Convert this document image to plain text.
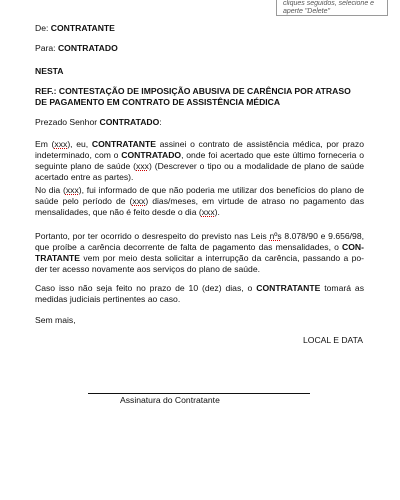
cliques seguidos, selecione e
aperte "Delete"
De: CONTRATANTE
Para: CONTRATADO
NESTA
REF.: CONTESTAÇÃO DE IMPOSIÇÃO ABUSIVA DE CARÊNCIA POR ATRASO DE PAGAMENTO EM CONTRATO DE ASSISTÊNCIA MÉDICA
Prezado Senhor CONTRATADO:
Em (xxx), eu, CONTRATANTE assinei o contrato de assistência médica, por prazo indeterminado, com o CONTRATADO, onde foi acertado que este último forneceria o seguinte plano de saúde (xxx) (Descrever o tipo ou a modalidade de plano de saúde acertado entre as partes).
No dia (xxx), fui informado de que não poderia me utilizar dos benefícios do plano de saúde pelo período de (xxx) dias/meses, em virtude de atraso no pagamento das mensalidades, que não é feito desde o dia (xxx).
Portanto, por ter ocorrido o desrespeito do previsto nas Leis nºs 8.078/90 e 9.656/98, que proíbe a carência decorrente de falta de pagamento das mensalidades, o CON-TRATANTE vem por meio desta solicitar a interrupção da carência, passando a po-der ter acesso novamente aos serviços do plano de saúde.
Caso isso não seja feito no prazo de 10 (dez) dias, o CONTRATANTE tomará as medidas judiciais pertinentes ao caso.
Sem mais,
LOCAL E DATA
Assinatura do Contratante
